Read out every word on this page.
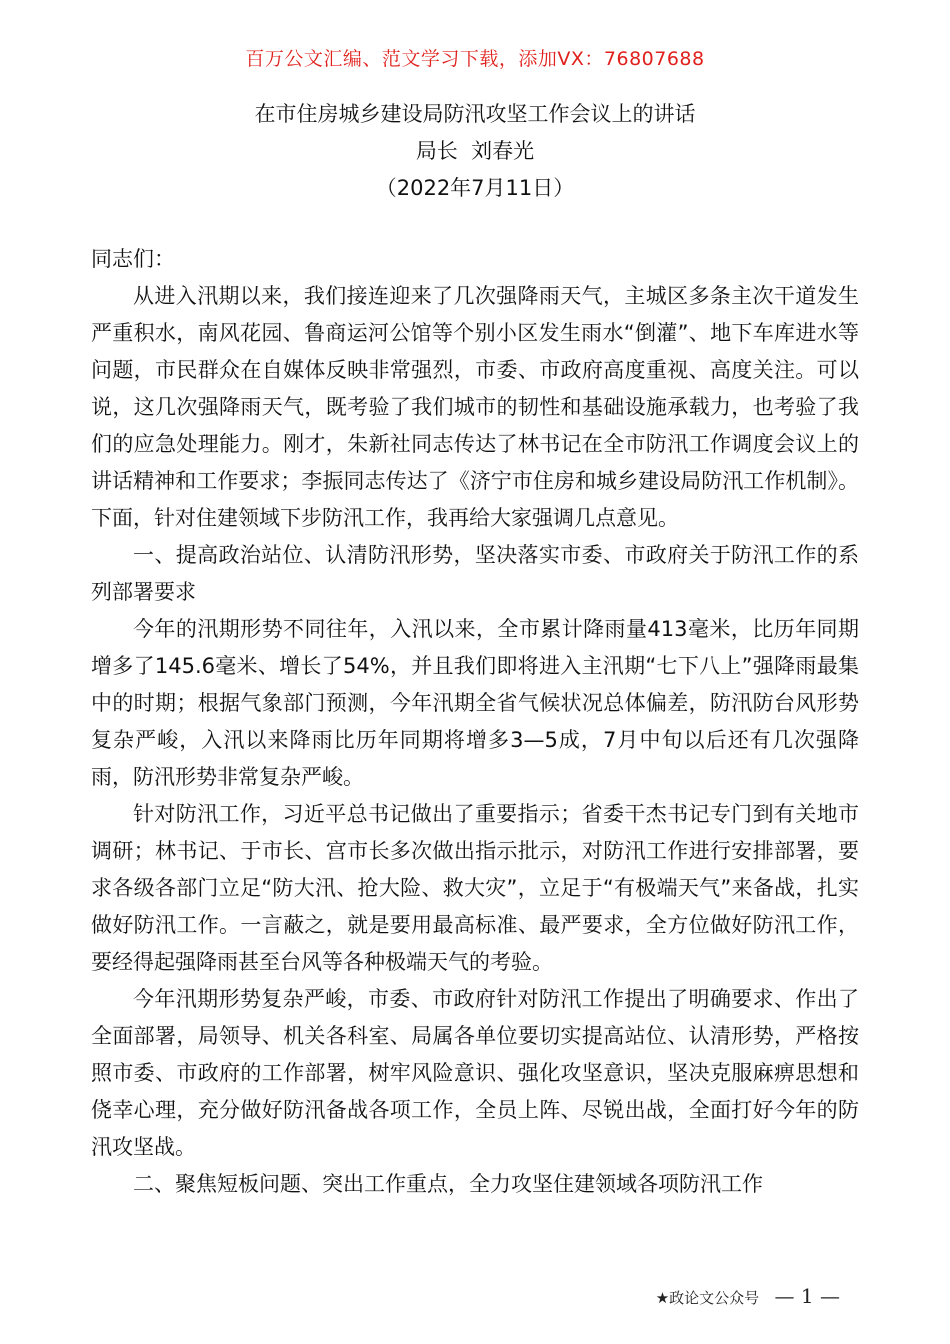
百万公文汇编、范文学习下载，添加VX：76807688
在市住房城乡建设局防汛攻坚工作会议上的讲话
局长  刘春光
（2022年7月11日）
同志们：

从进入汛期以来，我们接连迎来了几次强降雨天气，主城区多条主次干道发生严重积水，南风花园、鲁商运河公馆等个别小区发生雨水“倒灌”、地下车库进水等问题，市民群众在自媒体反映非常强烈，市委、市政府高度重视、高度关注。可以说，这几次强降雨天气，既考验了我们城市的韧性和基础设施承载力，也考验了我们的应急处理能力。刚才，朱新社同志传达了林书记在全市防汛工作调度会议上的讲话精神和工作要求；李振同志传达了《济宁市住房和城乡建设局防汛工作机制》。下面，针对住建领域下步防汛工作，我再给大家强调几点意见。

一、提高政治站位、认清防汛形势，坚决落实市委、市政府关于防汛工作的系列部署要求

今年的汛期形势不同往年，入汛以来，全市累计降雨量413毫米，比历年同期增多了145.6毫米、增长了54%，并且我们即将进入主汛期“七下八上”强降雨最集中的时期；根据气象部门预测，今年汛期全省气候状况总体偏差，防汛防台风形势复杂严峻，入汛以来降雨比历年同期将增多3—5成，7月中旬以后还有几次强降雨，防汛形势非常复杂严峻。

针对防汛工作，习近平总书记做出了重要指示；省委干杰书记专门到有关地市调研；林书记、于市长、宫市长多次做出指示批示，对防汛工作进行安排部署，要求各级各部门立足“防大汛、抢大险、救大灾”，立足于“有极端天气”来备战，扎实做好防汛工作。一言蔽之，就是要用最高标准、最严要求，全方位做好防汛工作，要经得起强降雨甚至台风等各种极端天气的考验。

今年汛期形势复杂严峻，市委、市政府针对防汛工作提出了明确要求、作出了全面部署，局领导、机关各科室、局属各单位要切实提高站位、认清形势，严格按照市委、市政府的工作部署，树牢风险意识、强化攻坚意识，坚决克服麻痹思想和侥幸心理，充分做好防汛备战各项工作，全员上阵、尽锐出战，全面打好今年的防汛攻坚战。

二、聚焦短板问题、突出工作重点，全力攻坚住建领域各项防汛工作

★政论文公众号 — 1 —
